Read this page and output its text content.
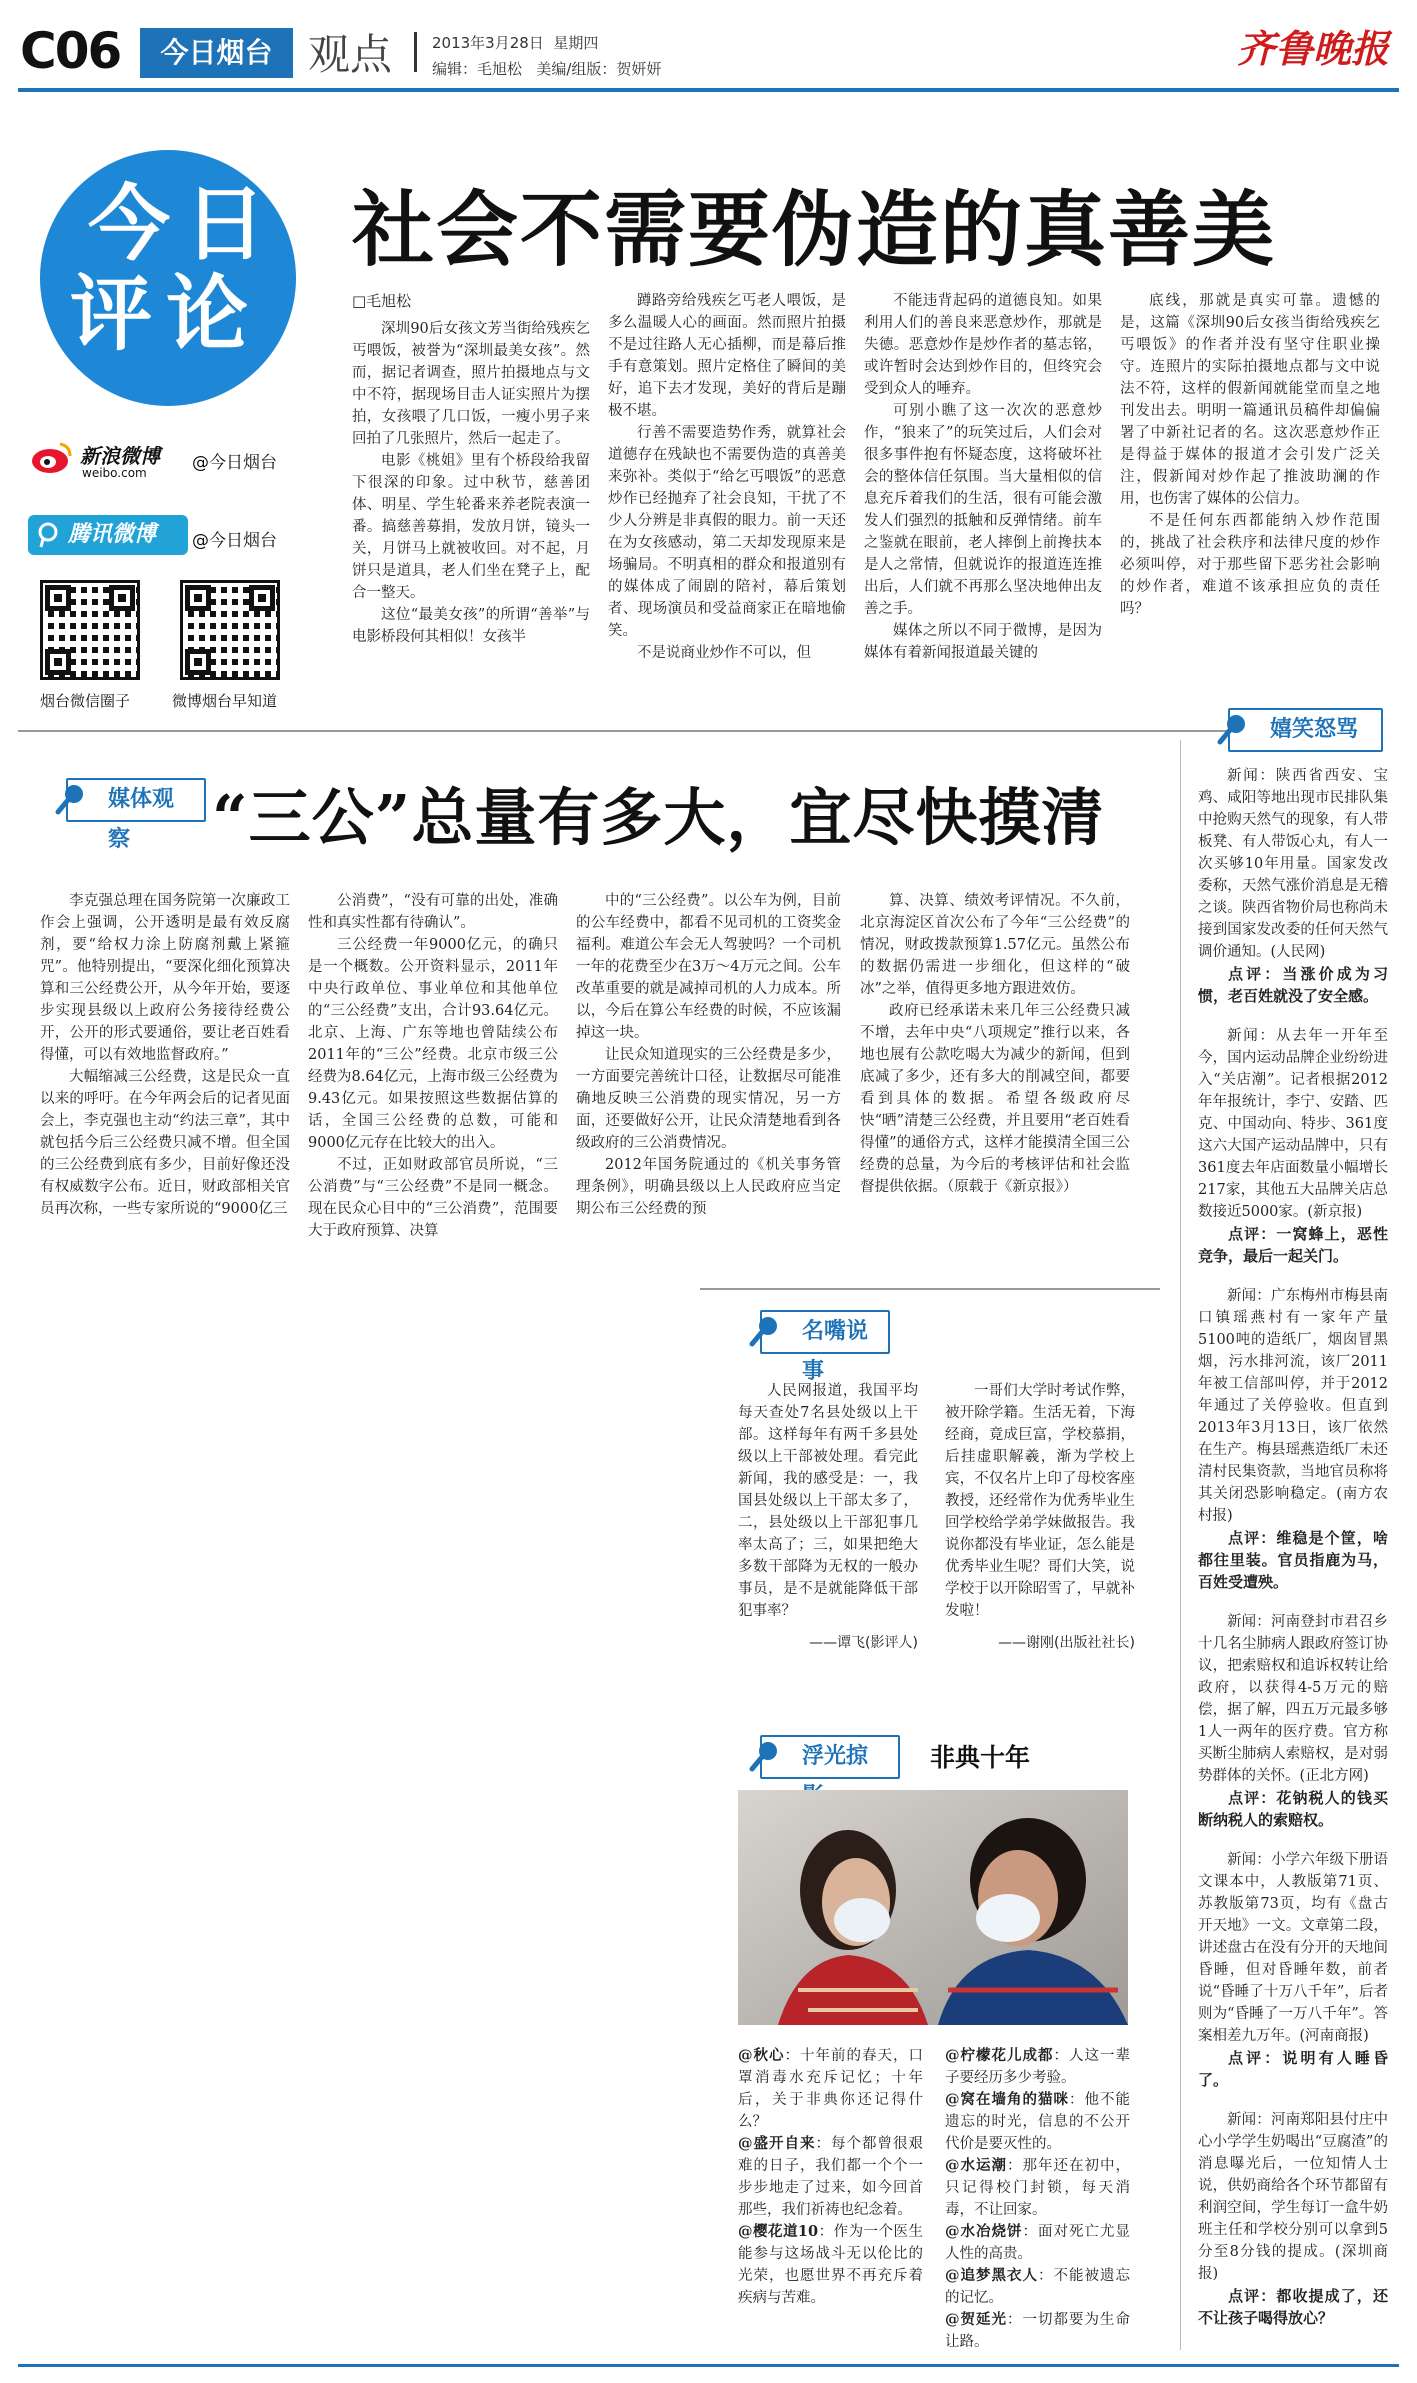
C06	今日烟台 观点	2013年3月28日 星期四
编辑：毛旭松 美编/组版：贺妍妍	齐鲁晚报
今日
评论
新浪微博
weibo.com	@今日烟台
腾讯微博	@今日烟台
烟台微信圈子	微博烟台早知道
社会不需要伪造的真善美
□毛旭松

深圳90后女孩文芳当街给残疾乞丐喂饭，被誉为“深圳最美女孩”。然而，据记者调查，照片拍摄地点与文中不符，据现场目击人证实照片为摆拍，女孩喂了几口饭，一瘦小男子来回拍了几张照片，然后一起走了。

电影《桃姐》里有个桥段给我留下很深的印象。过中秋节，慈善团体、明星、学生轮番来养老院表演一番。搞慈善募捐，发放月饼，镜头一关，月饼马上就被收回。对不起，月饼只是道具，老人们坐在凳子上，配合一整天。

这位“最美女孩”的所谓“善举”与电影桥段何其相似！女孩半

蹲路旁给残疾乞丐老人喂饭，是多么温暖人心的画面。然而照片拍摄不是过往路人无心插柳，而是幕后推手有意策划。照片定格住了瞬间的美好，追下去才发现，美好的背后是蹦极不堪。

行善不需要造势作秀，就算社会道德存在残缺也不需要伪造的真善美来弥补。类似于“给乞丐喂饭”的恶意炒作已经抛弃了社会良知，干扰了不少人分辨是非真假的眼力。前一天还在为女孩感动，第二天却发现原来是场骗局。不明真相的群众和报道别有的媒体成了闹剧的陪衬，幕后策划者、现场演员和受益商家正在暗地偷笑。

不是说商业炒作不可以，但

不能违背起码的道德良知。如果利用人们的善良来恶意炒作，那就是失德。恶意炒作是炒作者的墓志铭，或许暂时会达到炒作目的，但终究会受到众人的唾弃。

可别小瞧了这一次次的恶意炒作，“狼来了”的玩笑过后，人们会对很多事件抱有怀疑态度，这将破坏社会的整体信任氛围。当大量相似的信息充斥着我们的生活，很有可能会激发人们强烈的抵触和反弹情绪。前车之鉴就在眼前，老人摔倒上前搀扶本是人之常情，但就说诈的报道连连推出后，人们就不再那么坚决地伸出友善之手。

媒体之所以不同于微博，是因为媒体有着新闻报道最关键的

底线，那就是真实可靠。遗憾的是，这篇《深圳90后女孩当街给残疾乞丐喂饭》的作者并没有坚守住职业操守。连照片的实际拍摄地点都与文中说法不符，这样的假新闻就能堂而皇之地刊发出去。明明一篇通讯员稿件却偏偏署了中新社记者的名。这次恶意炒作正是得益于媒体的报道才会引发广泛关注，假新闻对炒作起了推波助澜的作用，也伤害了媒体的公信力。

不是任何东西都能纳入炒作范围的，挑战了社会秩序和法律尺度的炒作必须叫停，对于那些留下恶劣社会影响的炒作者，难道不该承担应负的责任吗？

嬉笑怒骂
新闻：陕西省西安、宝鸡、咸阳等地出现市民排队集中抢购天然气的现象，有人带板凳、有人带饭心丸，有人一次买够10年用量。国家发改委称，天然气涨价消息是无稽之谈。陕西省物价局也称尚未接到国家发改委的任何天然气调价通知。(人民网)
点评：当涨价成为习惯，老百姓就没了安全感。
新闻：从去年一开年至今，国内运动品牌企业纷纷进入“关店潮”。记者根据2012年年报统计，李宁、安踏、匹克、中国动向、特步、361度这六大国产运动品牌中，只有361度去年店面数量小幅增长217家，其他五大品牌关店总数接近5000家。(新京报)
点评：一窝蜂上，恶性竞争，最后一起关门。
新闻：广东梅州市梅县南口镇瑶燕村有一家年产量5100吨的造纸厂，烟囱冒黑烟，污水排河流，该厂2011年被工信部叫停，并于2012年通过了关停验收。但直到2013年3月13日，该厂依然在生产。梅县瑶燕造纸厂未还清村民集资款，当地官员称将其关闭恐影响稳定。(南方农村报)
点评：维稳是个筐，啥都往里装。官员指鹿为马，百姓受遭殃。
新闻：河南登封市君召乡十几名尘肺病人跟政府签订协议，把索赔权和追诉权转让给政府，以获得4-5万元的赔偿，据了解，四五万元最多够1人一两年的医疗费。官方称买断尘肺病人索赔权，是对弱势群体的关怀。(正北方网)
点评：花钠税人的钱买断纳税人的索赔权。
新闻：小学六年级下册语文课本中，人教版第71页、苏教版第73页，均有《盘古开天地》一文。文章第二段，讲述盘古在没有分开的天地间昏睡，但对昏睡年数，前者说“昏睡了十万八千年”，后者则为“昏睡了一万八千年”。答案相差九万年。(河南商报)
点评：说明有人睡昏了。
新闻：河南郑阳县付庄中心小学学生奶喝出“豆腐渣”的消息曝光后，一位知情人士说，供奶商给各个环节都留有利润空间，学生每订一盒牛奶班主任和学校分别可以拿到5分至8分钱的提成。(深圳商报)
点评：都收提成了，还不让孩子喝得放心？
媒体观察	“三公”总量有多大，宜尽快摸清

李克强总理在国务院第一次廉政工作会上强调，公开透明是最有效反腐剂，要“给权力涂上防腐剂戴上紧箍咒”。他特别提出，“要深化细化预算决算和三公经费公开，从今年开始，要逐步实现县级以上政府公务接待经费公开，公开的形式要通俗，要让老百姓看得懂，可以有效地监督政府。”

大幅缩减三公经费，这是民众一直以来的呼吁。在今年两会后的记者见面会上，李克强也主动“约法三章”，其中就包括今后三公经费只减不增。但全国的三公经费到底有多少，目前好像还没有权威数字公布。近日，财政部相关官员再次称，一些专家所说的“9000亿三

公消费”，“没有可靠的出处，准确性和真实性都有待确认”。

三公经费一年9000亿元，的确只是一个概数。公开资料显示，2011年中央行政单位、事业单位和其他单位的“三公经费”支出，合计93.64亿元。北京、上海、广东等地也曾陆续公布2011年的“三公”经费。北京市级三公经费为8.64亿元，上海市级三公经费为9.43亿元。如果按照这些数据估算的话，全国三公经费的总数，可能和9000亿元存在比较大的出入。

不过，正如财政部官员所说，“三公消费”与“三公经费”不是同一概念。现在民众心目中的“三公消费”，范围要大于政府预算、决算

中的“三公经费”。以公车为例，目前的公车经费中，都看不见司机的工资奖金福利。难道公车会无人驾驶吗？一个司机一年的花费至少在3万～4万元之间。公车改革重要的就是减掉司机的人力成本。所以，今后在算公车经费的时候，不应该漏掉这一块。

让民众知道现实的三公经费是多少，一方面要完善统计口径，让数据尽可能准确地反映三公消费的现实情况，另一方面，还要做好公开，让民众清楚地看到各级政府的三公消费情况。

2012年国务院通过的《机关事务管理条例》，明确县级以上人民政府应当定期公布三公经费的预

算、决算、绩效考评情况。不久前，北京海淀区首次公布了今年“三公经费”的情况，财政拨款预算1.57亿元。虽然公布的数据仍需进一步细化，但这样的“破冰”之举，值得更多地方跟进效仿。

政府已经承诺未来几年三公经费只减不增，去年中央“八项规定”推行以来，各地也展有公款吃喝大为减少的新闻，但到底减了多少，还有多大的削减空间，都要看到具体的数据。希望各级政府尽快“晒”清楚三公经费，并且要用“老百姓看得懂”的通俗方式，这样才能摸清全国三公经费的总量，为今后的考核评估和社会监督提供依据。（原载于《新京报》）

名嘴说事

人民网报道，我国平均每天查处7名县处级以上干部。这样每年有两千多县处级以上干部被处理。看完此新闻，我的感受是：一，我国县处级以上干部太多了，二，县处级以上干部犯事几率太高了；三，如果把绝大多数干部降为无权的一般办事员，是不是就能降低干部犯事率？

——谭飞(影评人)

一哥们大学时考试作弊，被开除学籍。生活无着，下海经商，竟成巨富，学校慕捐，后挂虚职解羲，渐为学校上宾，不仅名片上印了母校客座教授，还经常作为优秀毕业生回学校给学弟学妹做报告。我说你都没有毕业证，怎么能是优秀毕业生呢？哥们大笑，说学校于以开除昭雪了，早就补发啦！

——谢刚(出版社社长)
浮光掠	非典十年
@秋心：十年前的春天，口罩消毒水充斥记忆；十年后，关于非典你还记得什么？
@盛开自来：每个都曾很艰难的日子，我们都一个个一步步地走了过来，如今回首那些，我们祈祷也纪念着。
@樱花道10：作为一个医生能参与这场战斗无以伦比的光荣，也愿世界不再充斥着疾病与苦难。
@柠檬花儿成都：人这一辈子要经历多少考验。
@窝在墙角的猫咪：他不能遗忘的时光，信息的不公开代价是要灭性的。
@水运潮：那年还在初中，只记得校门封锁，每天消毒，不让回家。
@水冶烧饼：面对死亡尤显人性的高贵。
@追梦黑衣人：不能被遗忘的记忆。
@贺延光：一切都要为生命让路。
